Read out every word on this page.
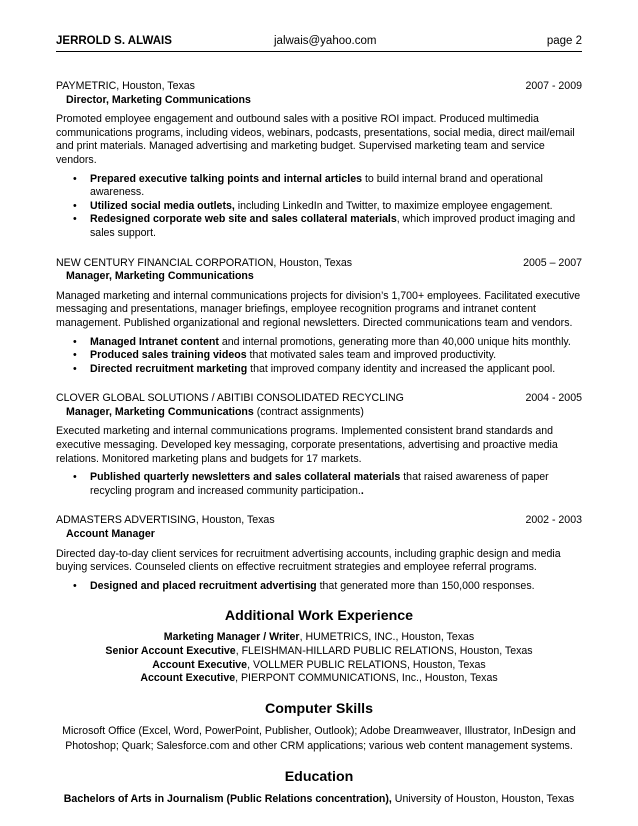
JERROLD S. ALWAIS	jalwais@yahoo.com	page 2
PAYMETRIC, Houston, Texas	2007 - 2009
Director, Marketing Communications
Promoted employee engagement and outbound sales with a positive ROI impact. Produced multimedia communications programs, including videos, webinars, podcasts, presentations, social media, direct mail/email and print materials. Managed advertising and marketing budget. Supervised marketing team and service vendors.
•	Prepared executive talking points and internal articles to build internal brand and operational awareness.
•	Utilized social media outlets, including LinkedIn and Twitter, to maximize employee engagement.
•	Redesigned corporate web site and sales collateral materials, which improved product imaging and sales support.
NEW CENTURY FINANCIAL CORPORATION, Houston, Texas	2005 – 2007
Manager, Marketing Communications
Managed marketing and internal communications projects for division’s 1,700+ employees. Facilitated executive messaging and presentations, manager briefings, employee recognition programs and intranet content management. Published organizational and regional newsletters. Directed communications team and vendors.
•	Managed Intranet content and internal promotions, generating more than 40,000 unique hits monthly.
•	Produced sales training videos that motivated sales team and improved productivity.
•	Directed recruitment marketing that improved company identity and increased the applicant pool.
CLOVER GLOBAL SOLUTIONS / ABITIBI CONSOLIDATED RECYCLING	2004 - 2005
Manager, Marketing Communications (contract assignments)
Executed marketing and internal communications programs. Implemented consistent brand standards and executive messaging. Developed key messaging, corporate presentations, advertising and proactive media relations. Monitored marketing plans and budgets for 17 markets.
•	Published quarterly newsletters and sales collateral materials that raised awareness of paper recycling program and increased community participation..
ADMASTERS ADVERTISING, Houston, Texas	2002 - 2003
Account Manager
Directed day-to-day client services for recruitment advertising accounts, including graphic design and media buying services. Counseled clients on effective recruitment strategies and employee referral programs.
•	Designed and placed recruitment advertising that generated more than 150,000 responses.
Additional Work Experience
Marketing Manager / Writer, HUMETRICS, INC., Houston, Texas
Senior Account Executive, FLEISHMAN-HILLARD PUBLIC RELATIONS, Houston, Texas
Account Executive, VOLLMER PUBLIC RELATIONS, Houston, Texas
Account Executive, PIERPONT COMMUNICATIONS, Inc., Houston, Texas
Computer Skills
Microsoft Office (Excel, Word, PowerPoint, Publisher, Outlook); Adobe Dreamweaver, Illustrator, InDesign and Photoshop; Quark; Salesforce.com and other CRM applications; various web content management systems.
Education
Bachelors of Arts in Journalism (Public Relations concentration), University of Houston, Houston, Texas
